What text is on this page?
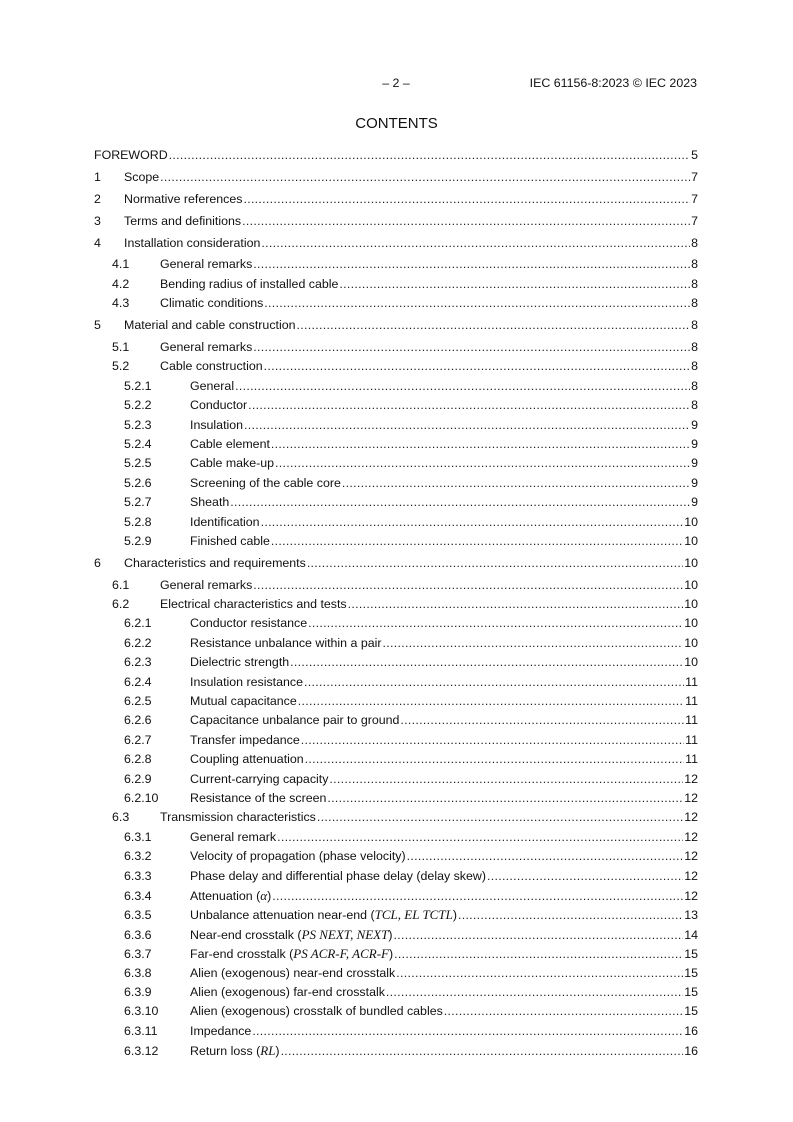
– 2 –	IEC 61156-8:2023 © IEC 2023
CONTENTS
FOREWORD .....	5
1	Scope .....	7
2	Normative references .....	7
3	Terms and definitions .....	7
4	Installation consideration .....	8
4.1	General remarks .....	8
4.2	Bending radius of installed cable .....	8
4.3	Climatic conditions .....	8
5	Material and cable construction .....	8
5.1	General remarks .....	8
5.2	Cable construction .....	8
5.2.1	General .....	8
5.2.2	Conductor .....	8
5.2.3	Insulation .....	9
5.2.4	Cable element .....	9
5.2.5	Cable make-up .....	9
5.2.6	Screening of the cable core .....	9
5.2.7	Sheath .....	9
5.2.8	Identification .....	10
5.2.9	Finished cable .....	10
6	Characteristics and requirements .....	10
6.1	General remarks .....	10
6.2	Electrical characteristics and tests .....	10
6.2.1	Conductor resistance .....	10
6.2.2	Resistance unbalance within a pair .....	10
6.2.3	Dielectric strength .....	10
6.2.4	Insulation resistance .....	11
6.2.5	Mutual capacitance .....	11
6.2.6	Capacitance unbalance pair to ground .....	11
6.2.7	Transfer impedance .....	11
6.2.8	Coupling attenuation .....	11
6.2.9	Current-carrying capacity .....	12
6.2.10	Resistance of the screen .....	12
6.3	Transmission characteristics .....	12
6.3.1	General remark .....	12
6.3.2	Velocity of propagation (phase velocity) .....	12
6.3.3	Phase delay and differential phase delay (delay skew) .....	12
6.3.4	Attenuation (α) .....	12
6.3.5	Unbalance attenuation near-end (TCL, EL TCTL) .....	13
6.3.6	Near-end crosstalk (PS NEXT, NEXT) .....	14
6.3.7	Far-end crosstalk (PS ACR-F, ACR-F) .....	15
6.3.8	Alien (exogenous) near-end crosstalk .....	15
6.3.9	Alien (exogenous) far-end crosstalk .....	15
6.3.10	Alien (exogenous) crosstalk of bundled cables .....	15
6.3.11	Impedance .....	16
6.3.12	Return loss (RL) .....	16
